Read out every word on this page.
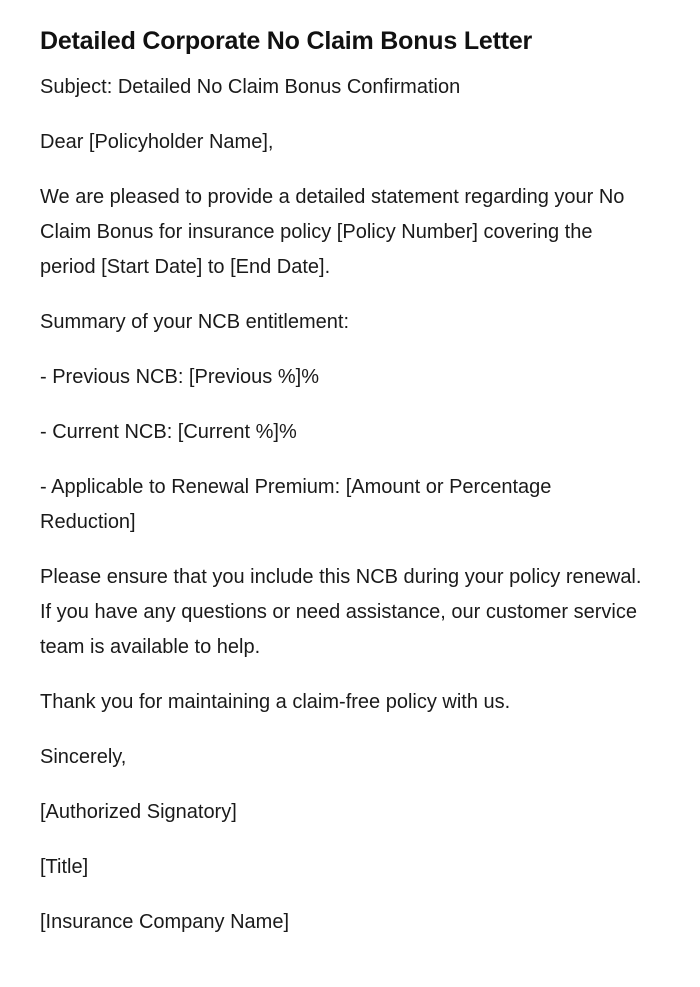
Detailed Corporate No Claim Bonus Letter

Subject: Detailed No Claim Bonus Confirmation

Dear [Policyholder Name],

We are pleased to provide a detailed statement regarding your No Claim Bonus for insurance policy [Policy Number] covering the period [Start Date] to [End Date].

Summary of your NCB entitlement:

- Previous NCB: [Previous %]%

- Current NCB: [Current %]%

- Applicable to Renewal Premium: [Amount or Percentage Reduction]

Please ensure that you include this NCB during your policy renewal. If you have any questions or need assistance, our customer service team is available to help.

Thank you for maintaining a claim-free policy with us.

Sincerely,

[Authorized Signatory]

[Title]

[Insurance Company Name]
